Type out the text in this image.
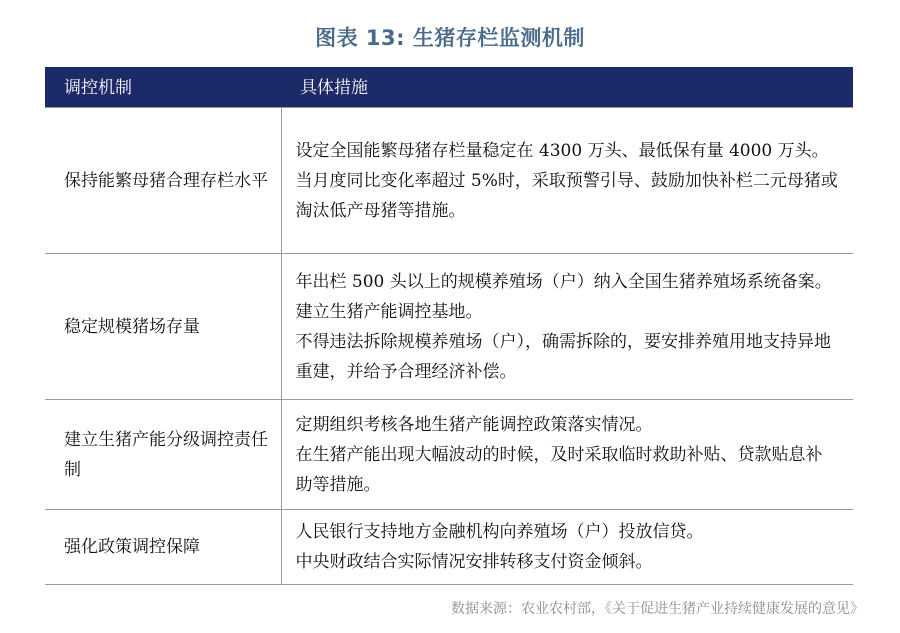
图表 13: 生猪存栏监测机制
调控机制	具体措施
保持能繁母猪合理存栏水平	设定全国能繁母猪存栏量稳定在 4300 万头、最低保有量 4000 万头。
当月度同比变化率超过 5%时，采取预警引导、鼓励加快补栏二元母猪或淘汰低产母猪等措施。

稳定规模猪场存量	年出栏 500 头以上的规模养殖场（户）纳入全国生猪养殖场系统备案。建立生猪产能调控基地。
不得违法拆除规模养殖场（户），确需拆除的，要安排养殖用地支持异地重建，并给予合理经济补偿。

建立生猪产能分级调控责任制	定期组织考核各地生猪产能调控政策落实情况。
在生猪产能出现大幅波动的时候，及时采取临时救助补贴、贷款贴息补助等措施。

强化政策调控保障	人民银行支持地方金融机构向养殖场（户）投放信贷。
中央财政结合实际情况安排转移支付资金倾斜。
数据来源：农业农村部，《关于促进生猪产业持续健康发展的意见》
